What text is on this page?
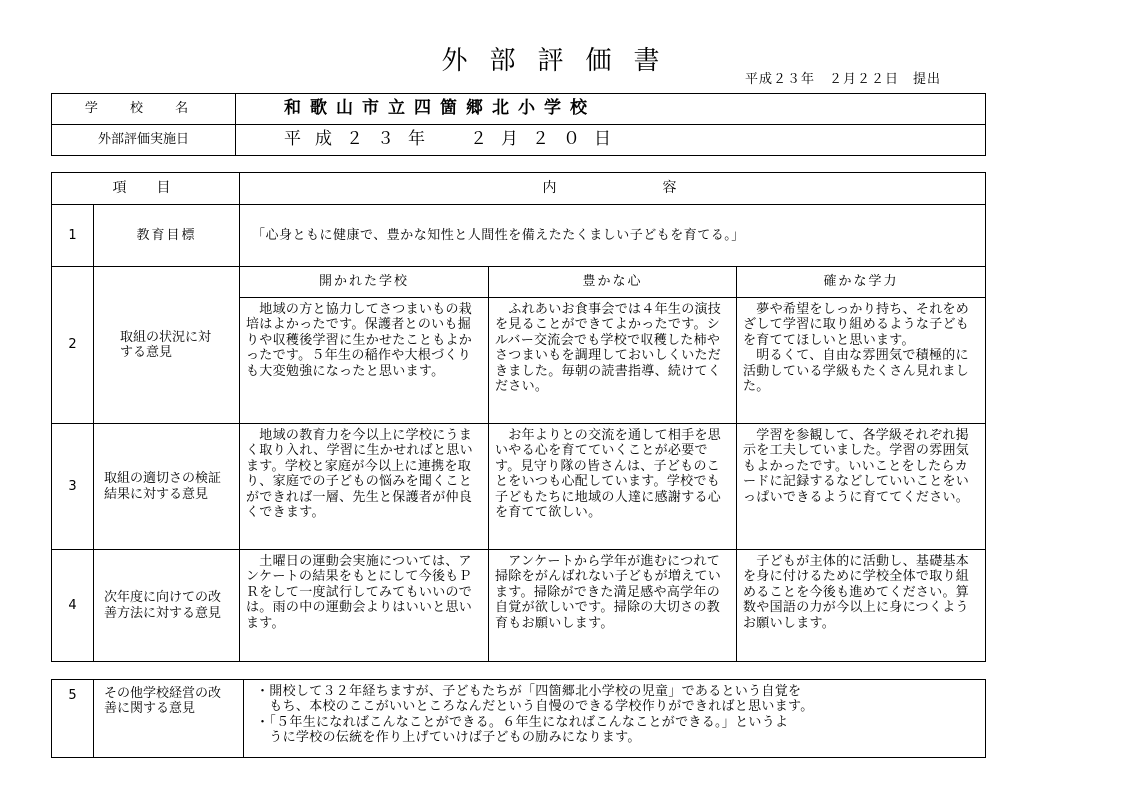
外部評価書
平成２３年　２月２２日　提出
学 校 名	和歌山市立四箇郷北小学校
外部評価実施日	平成２３年　２月２０日
項　目		内　　　　　容		
1	教育目標	「心身ともに健康で、豊かな知性と人間性を備えたたくましい子どもを育てる。」		
2	取組の状況に対する意見	開かれた学校	豊かな心	確かな学力
		　地域の方と協力してさつまいもの栽培はよかったです。保護者とのいも掘りや収穫後学習に生かせたこともよかったです。５年生の稲作や大根づくりも大変勉強になったと思います。	　ふれあいお食事会では４年生の演技を見ることができてよかったです。シルバー交流会でも学校で収穫した柿やさつまいもを調理しておいしくいただきました。毎朝の読書指導、続けてください。	　夢や希望をしっかり持ち、それをめざして学習に取り組めるような子どもを育ててほしいと思います。
　明るくて、自由な雰囲気で積極的に活動している学級もたくさん見れました。
3	取組の適切さの検証結果に対する意見	　地域の教育力を今以上に学校にうまく取り入れ、学習に生かせればと思います。学校と家庭が今以上に連携を取り、家庭での子どもの悩みを聞くことができれば一層、先生と保護者が仲良くできます。	　お年よりとの交流を通して相手を思いやる心を育てていくことが必要です。見守り隊の皆さんは、子どものことをいつも心配しています。学校でも子どもたちに地域の人達に感謝する心を育てて欲しい。	　学習を参観して、各学級それぞれ掲示を工夫していました。学習の雰囲気もよかったです。いいことをしたらカードに記録するなどしていいことをいっぱいできるように育ててください。
4	次年度に向けての改善方法に対する意見	　土曜日の運動会実施については、アンケートの結果をもとにして今後もＰＲをして一度試行してみてもいいのでは。雨の中の運動会よりはいいと思います。	　アンケートから学年が進むにつれて掃除をがんばれない子どもが増えています。掃除ができた満足感や高学年の自覚が欲しいです。掃除の大切さの教育もお願いします。	　子どもが主体的に活動し、基礎基本を身に付けるために学校全体で取り組めることを今後も進めてください。算数や国語の力が今以上に身につくようお願いします。
5	その他学校経営の改善に関する意見	・開校して３２年経ちますが、子どもたちが「四箇郷北小学校の児童」であるという自覚を
　もち、本校のここがいいところなんだという自慢のできる学校作りができればと思います。
・「５年生になればこんなことができる。６年生になればこんなことができる。」というよ
　うに学校の伝統を作り上げていけば子どもの励みになります。
